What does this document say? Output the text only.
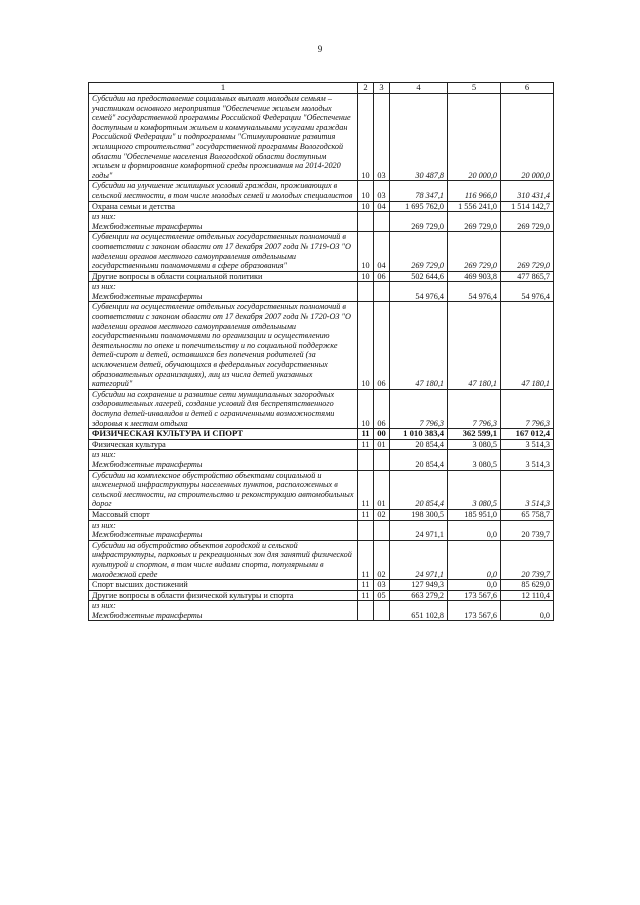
9
1	2	3	4	5	6
Субсидии на предоставление социальных выплат молодым семьям – участникам основного мероприятия "Обеспечение жильем молодых семей" государственной программы Российской Федерации "Обеспечение доступным и комфортным жильем и коммунальными услугами граждан Российской Федерации" и подпрограммы "Стимулирование развития жилищного строительства" государственной программы Вологодской области "Обеспечение населения Вологодской области доступным жильем и формирование комфортной среды проживания на 2014-2020 годы"	10	03	30 487,8	20 000,0	20 000,0
Субсидии на улучшение жилищных условий граждан, проживающих в сельской местности, в том числе молодых семей и молодых специалистов	10	03	78 347,1	116 966,0	310 431,4
Охрана семьи и детства	10	04	1 695 762,0	1 556 241,0	1 514 142,7

из них:
Межбюджетные трансферты			269 729,0	269 729,0	269 729,0
Субвенции на осуществление отдельных государственных полномочий в соответствии с законом области от 17 декабря 2007 года № 1719-ОЗ "О наделении органов местного самоуправления отдельными государственными полномочиями в сфере образования"	10	04	269 729,0	269 729,0	269 729,0
Другие вопросы в области социальной политики	10	06	502 644,6	469 903,8	477 865,7

из них:
Межбюджетные трансферты			54 976,4	54 976,4	54 976,4
Субвенции на осуществление отдельных государственных полномочий в соответствии с законом области от 17 декабря 2007 года № 1720-ОЗ "О наделении органов местного самоуправления отдельными государственными полномочиями по организации и осуществлению деятельности по опеке и попечительству и по социальной поддержке детей-сирот и детей, оставшихся без попечения родителей (за исключением детей, обучающихся в федеральных государственных образовательных организациях), лиц из числа детей указанных категорий"	10	06	47 180,1	47 180,1	47 180,1
Субсидии на сохранение и развитие сети муниципальных загородных оздоровительных лагерей, создание условий для беспрепятственного доступа детей-инвалидов и детей с ограниченными возможностями здоровья к местам отдыха	10	06	7 796,3	7 796,3	7 796,3
ФИЗИЧЕСКАЯ КУЛЬТУРА И СПОРТ	11	00	1 010 383,4	362 599,1	167 012,4
Физическая культура	11	01	20 854,4	3 080,5	3 514,3

из них:
Межбюджетные трансферты			20 854,4	3 080,5	3 514,3
Субсидии на комплексное обустройство объектами социальной и инженерной инфраструктуры населенных пунктов, расположенных в сельской местности, на строительство и реконструкцию автомобильных дорог	11	01	20 854,4	3 080,5	3 514,3
Массовый спорт	11	02	198 300,5	185 951,0	65 758,7

из них:
Межбюджетные трансферты			24 971,1	0,0	20 739,7
Субсидии на обустройство объектов городской и сельской инфраструктуры, парковых и рекреационных зон для занятий физической культурой и спортом, в том числе видами спорта, популярными в молодежной среде	11	02	24 971,1	0,0	20 739,7
Спорт высших достижений	11	03	127 949,3	0,0	85 629,0
Другие вопросы в области физической культуры и спорта	11	05	663 279,2	173 567,6	12 110,4

из них:
Межбюджетные трансферты			651 102,8	173 567,6	0,0
